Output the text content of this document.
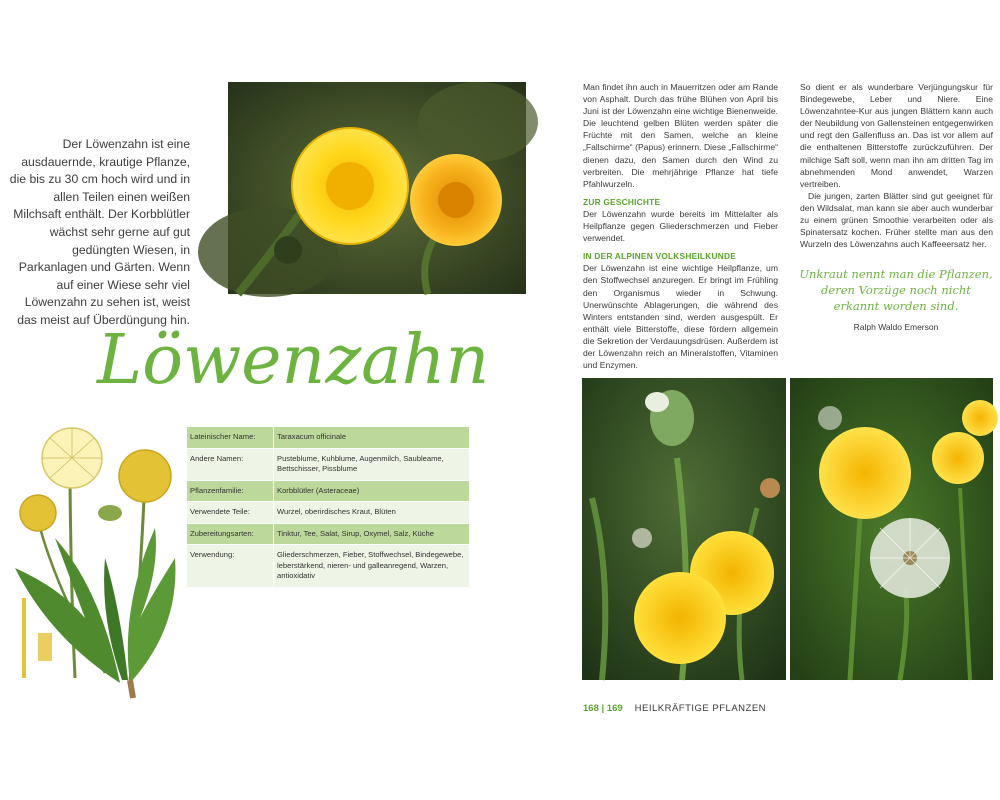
Der Löwenzahn ist eine ausdauernde, krautige Pflanze, die bis zu 30 cm hoch wird und in allen Teilen einen weißen Milchsaft enthält. Der Korbblütler wächst sehr gerne auf gut gedüngten Wiesen, in Parkanlagen und Gärten. Wenn auf einer Wiese sehr viel Löwenzahn zu sehen ist, weist das meist auf Überdüngung hin.
Löwenzahn
Lateinischer Name:	Taraxacum officinale
Andere Namen:	Pusteblume, Kuhblume, Augenmilch, Saubleame, Bettschisser, Pissblume
Pflanzenfamilie:	Korbblütler (Asteraceae)
Verwendete Teile:	Wurzel, oberirdisches Kraut, Blüten
Zubereitungsarten:	Tinktur, Tee, Salat, Sirup, Oxymel, Salz, Küche
Verwendung:	Gliederschmerzen, Fieber, Stoffwechsel, Bindegewebe, leberstärkend, nieren- und galleanregend, Warzen, antioxidativ

Man findet ihn auch in Mauerritzen oder am Rande von Asphalt. Durch das frühe Blühen von April bis Juni ist der Löwenzahn eine wichtige Bienenweide. Die leuchtend gelben Blüten werden später die Früchte mit den Samen, welche an kleine „Fallschirme“ (Papus) erinnern. Diese „Fallschirme“ dienen dazu, den Samen durch den Wind zu verbreiten. Die mehrjährige Pflanze hat tiefe Pfahlwurzeln.

ZUR GESCHICHTE

Der Löwenzahn wurde bereits im Mittelalter als Heilpflanze gegen Gliederschmerzen und Fieber verwendet.

IN DER ALPINEN VOLKSHEILKUNDE

Der Löwenzahn ist eine wichtige Heilpflanze, um den Stoffwechsel anzuregen. Er bringt im Frühling den Organismus wieder in Schwung. Unerwünschte Ablagerungen, die während des Winters entstanden sind, werden ausgespült. Er enthält viele Bitterstoffe, diese fördern allgemein die Sekretion der Verdauungsdrüsen. Außerdem ist der Löwenzahn reich an Mineralstoffen, Vitaminen und Enzymen.

So dient er als wunderbare Verjüngungskur für Bindegewebe, Leber und Niere. Eine Löwenzahntee-Kur aus jungen Blättern kann auch der Neubildung von Gallensteinen entgegenwirken und regt den Gallenfluss an. Das ist vor allem auf die enthaltenen Bitterstoffe zurückzuführen. Der milchige Saft soll, wenn man ihn am dritten Tag im abnehmenden Mond anwendet, Warzen vertreiben.

Die jungen, zarten Blätter sind gut geeignet für den Wildsalat, man kann sie aber auch wunderbar zu einem grünen Smoothie verarbeiten oder als Spinatersatz kochen. Früher stellte man aus den Wurzeln des Löwenzahns auch Kaffeeersatz her.

Unkraut nennt man die Pflanzen, deren Vorzüge noch nicht erkannt worden sind.
Ralph Waldo Emerson
168 | 169 HEILKRÄFTIGE PFLANZEN
